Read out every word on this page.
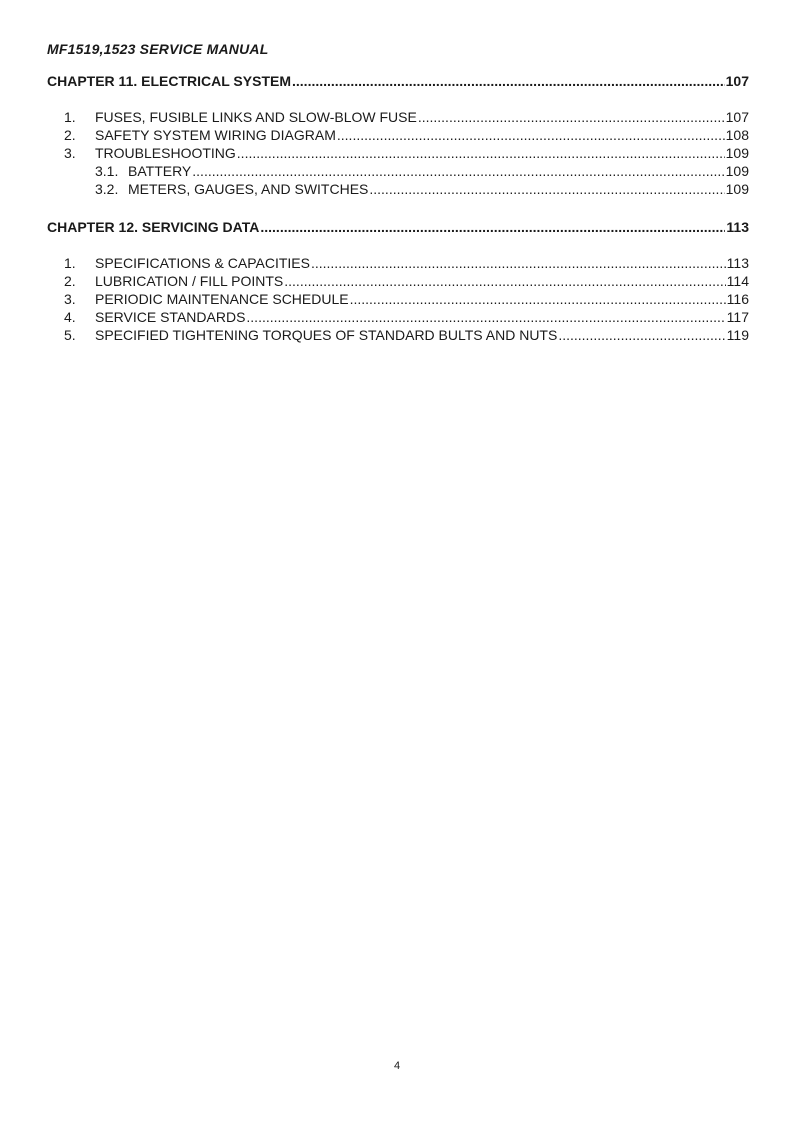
MF1519,1523 SERVICE MANUAL
CHAPTER 11. ELECTRICAL SYSTEM .....	107
1.	FUSES, FUSIBLE LINKS AND SLOW-BLOW FUSE .....	107
2.	SAFETY SYSTEM WIRING DIAGRAM .....	108
3.	TROUBLESHOOTING .....	109
3.1. BATTERY .....	109
3.2. METERS, GAUGES, AND SWITCHES .....	109
CHAPTER 12. SERVICING DATA .....	113
1.	SPECIFICATIONS & CAPACITIES .....	113
2.	LUBRICATION / FILL POINTS .....	114
3.	PERIODIC MAINTENANCE SCHEDULE .....	116
4.	SERVICE STANDARDS .....	117
5.	SPECIFIED TIGHTENING TORQUES OF STANDARD BULTS AND NUTS .....	119
4
